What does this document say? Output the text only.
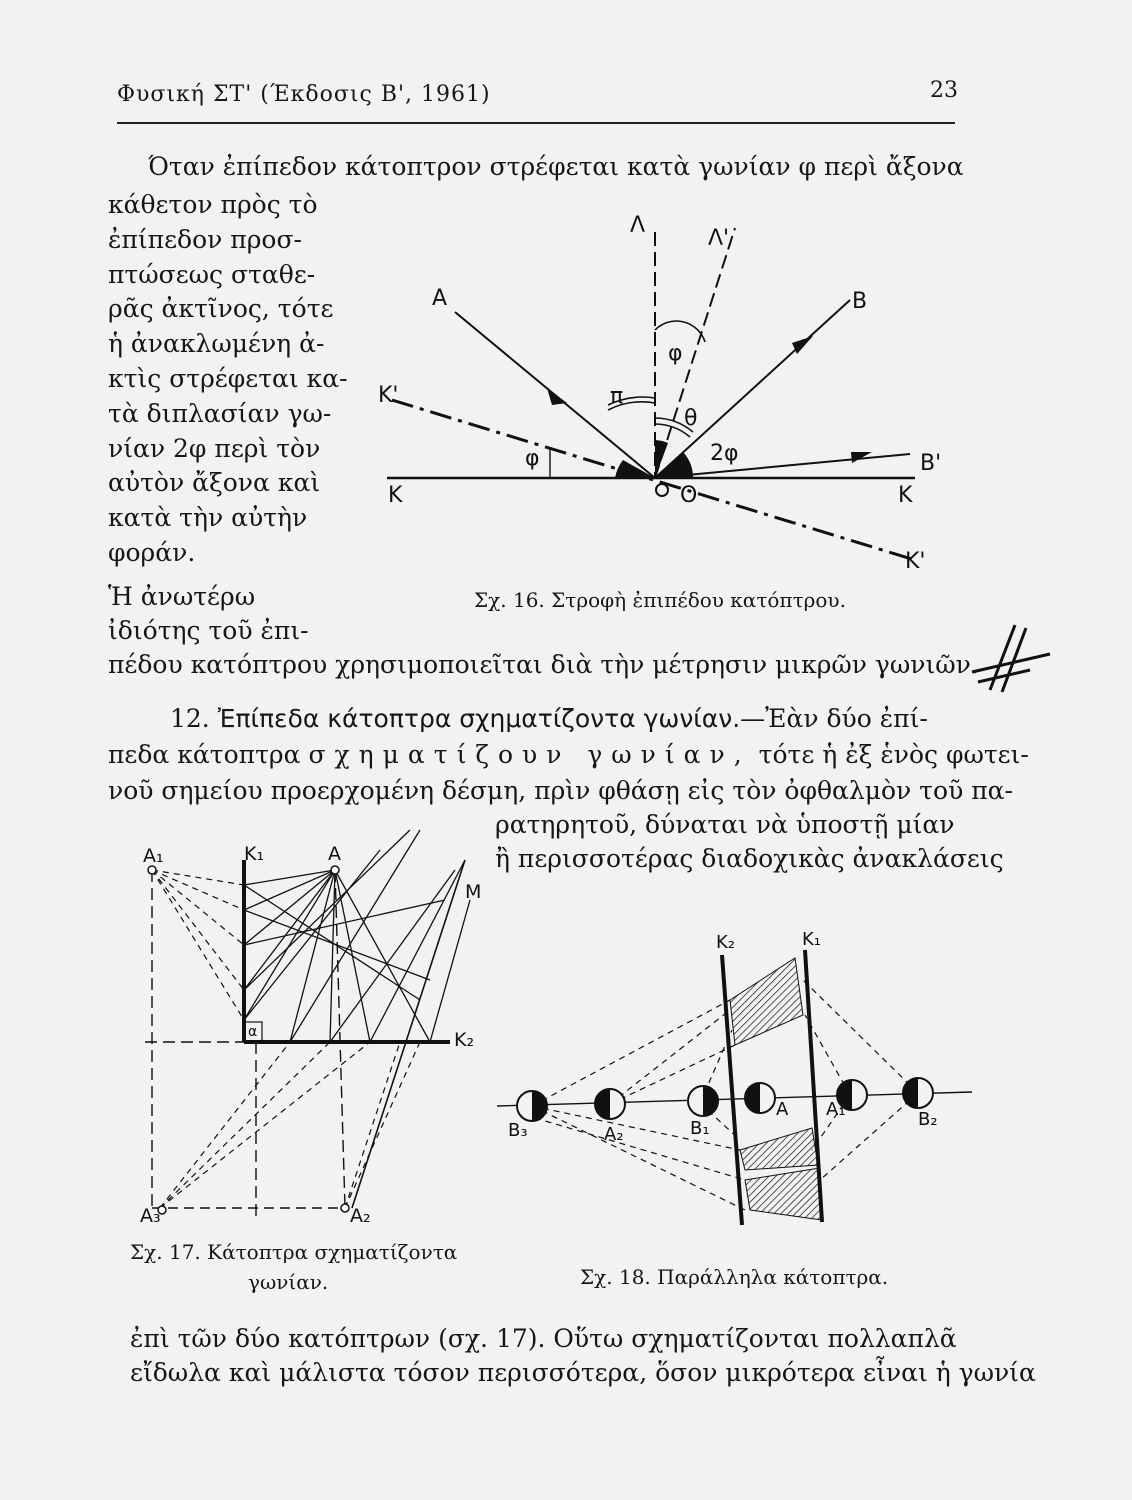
Φυσική ΣΤ' (Έκδοσις Β', 1961)	23
Όταν ἐπίπεδον κάτοπτρον στρέφεται κατὰ γωνίαν φ περὶ ἄξονα
κάθετον πρὸς τὸ
ἐπίπεδον προσ-
πτώσεως σταθε-
ρᾶς ἀκτῖνος, τότε
ἡ ἀνακλωμένη ἀ-
κτὶς στρέφεται κα-
τὰ διπλασίαν γω-
νίαν 2φ περὶ τὸν
αὐτὸν ἄξονα καὶ
κατὰ τὴν αὐτὴν
φοράν.
Λ
Λ'
A	B
K'
K	K
K'
B'
φ
φ
π
θ
2φ
O
Ἡ ἀνωτέρω
ἰδιότης τοῦ ἐπι-
Σχ. 16. Στροφὴ ἐπιπέδου κατόπτρου.
πέδου κατόπτρου χρησιμοποιεῖται διὰ τὴν μέτρησιν μικρῶν γωνιῶν.
12. Ἐπίπεδα κάτοπτρα σχηματίζοντα γωνίαν.—Ἐὰν δύο ἐπί-
πεδα κάτοπτρα σχηματίζουν γωνίαν, τότε ἡ ἐξ ἑνὸς φωτει-
νοῦ σημείου προερχομένη δέσμη, πρὶν φθάσῃ εἰς τὸν ὀφθαλμὸν τοῦ πα-
ρατηρητοῦ, δύναται νὰ ὑποστῇ μίαν
ἢ περισσοτέρας διαδοχικὰς ἀνακλάσεις
A₁	K₁	A
M
K₂
A₃	A₂
α
Σχ. 17. Κάτοπτρα σχηματίζοντα
γωνίαν.
K₂	K₁
B₃	A₂	B₁
A A₁	B₂
Σχ. 18. Παράλληλα κάτοπτρα.
ἐπὶ τῶν δύο κατόπτρων (σχ. 17). Οὕτω σχηματίζονται πολλαπλᾶ
εἴδωλα καὶ μάλιστα τόσον περισσότερα, ὅσον μικρότερα εἶναι ἡ γωνία
